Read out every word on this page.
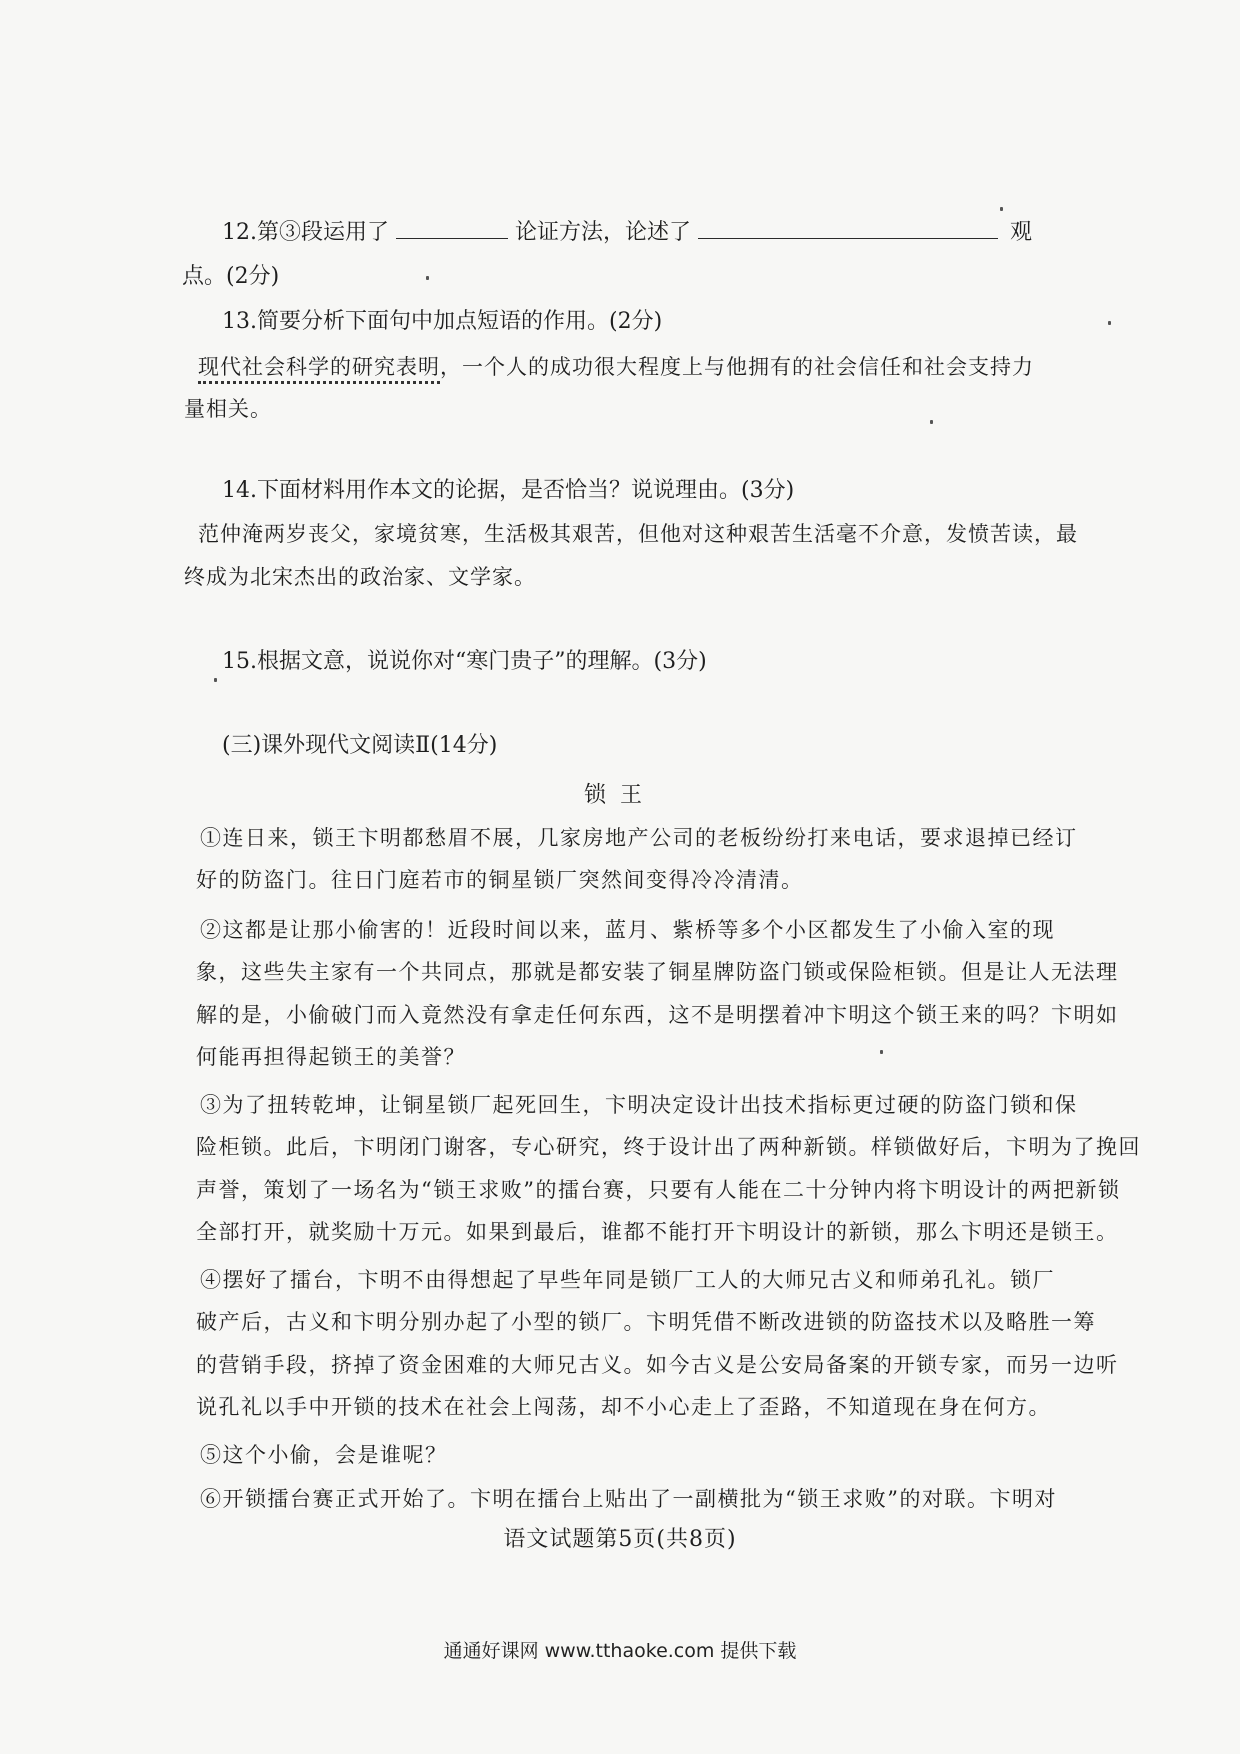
12.第③段运用了	论证方法，论述了	观
点。(2分)
13.简要分析下面句中加点短语的作用。(2分)
现代社会科学的研究表明，一个人的成功很大程度上与他拥有的社会信任和社会支持力
量相关。
14.下面材料用作本文的论据，是否恰当？说说理由。(3分)
范仲淹两岁丧父，家境贫寒，生活极其艰苦，但他对这种艰苦生活毫不介意，发愤苦读，最
终成为北宋杰出的政治家、文学家。
15.根据文意，说说你对“寒门贵子”的理解。(3分)
(三)课外现代文阅读Ⅱ(14分)
锁王
①连日来，锁王卞明都愁眉不展，几家房地产公司的老板纷纷打来电话，要求退掉已经订
好的防盗门。往日门庭若市的铜星锁厂突然间变得冷冷清清。
②这都是让那小偷害的！近段时间以来，蓝月、紫桥等多个小区都发生了小偷入室的现
象，这些失主家有一个共同点，那就是都安装了铜星牌防盗门锁或保险柜锁。但是让人无法理
解的是，小偷破门而入竟然没有拿走任何东西，这不是明摆着冲卞明这个锁王来的吗？卞明如
何能再担得起锁王的美誉？
③为了扭转乾坤，让铜星锁厂起死回生，卞明决定设计出技术指标更过硬的防盗门锁和保
险柜锁。此后，卞明闭门谢客，专心研究，终于设计出了两种新锁。样锁做好后，卞明为了挽回
声誉，策划了一场名为“锁王求败”的擂台赛，只要有人能在二十分钟内将卞明设计的两把新锁
全部打开，就奖励十万元。如果到最后，谁都不能打开卞明设计的新锁，那么卞明还是锁王。
④摆好了擂台，卞明不由得想起了早些年同是锁厂工人的大师兄古义和师弟孔礼。锁厂
破产后，古义和卞明分别办起了小型的锁厂。卞明凭借不断改进锁的防盗技术以及略胜一筹
的营销手段，挤掉了资金困难的大师兄古义。如今古义是公安局备案的开锁专家，而另一边听
说孔礼以手中开锁的技术在社会上闯荡，却不小心走上了歪路，不知道现在身在何方。
⑤这个小偷，会是谁呢？
⑥开锁擂台赛正式开始了。卞明在擂台上贴出了一副横批为“锁王求败”的对联。卞明对
语文试题第5页(共8页)
通通好课网 www.tthaoke.com 提供下载
